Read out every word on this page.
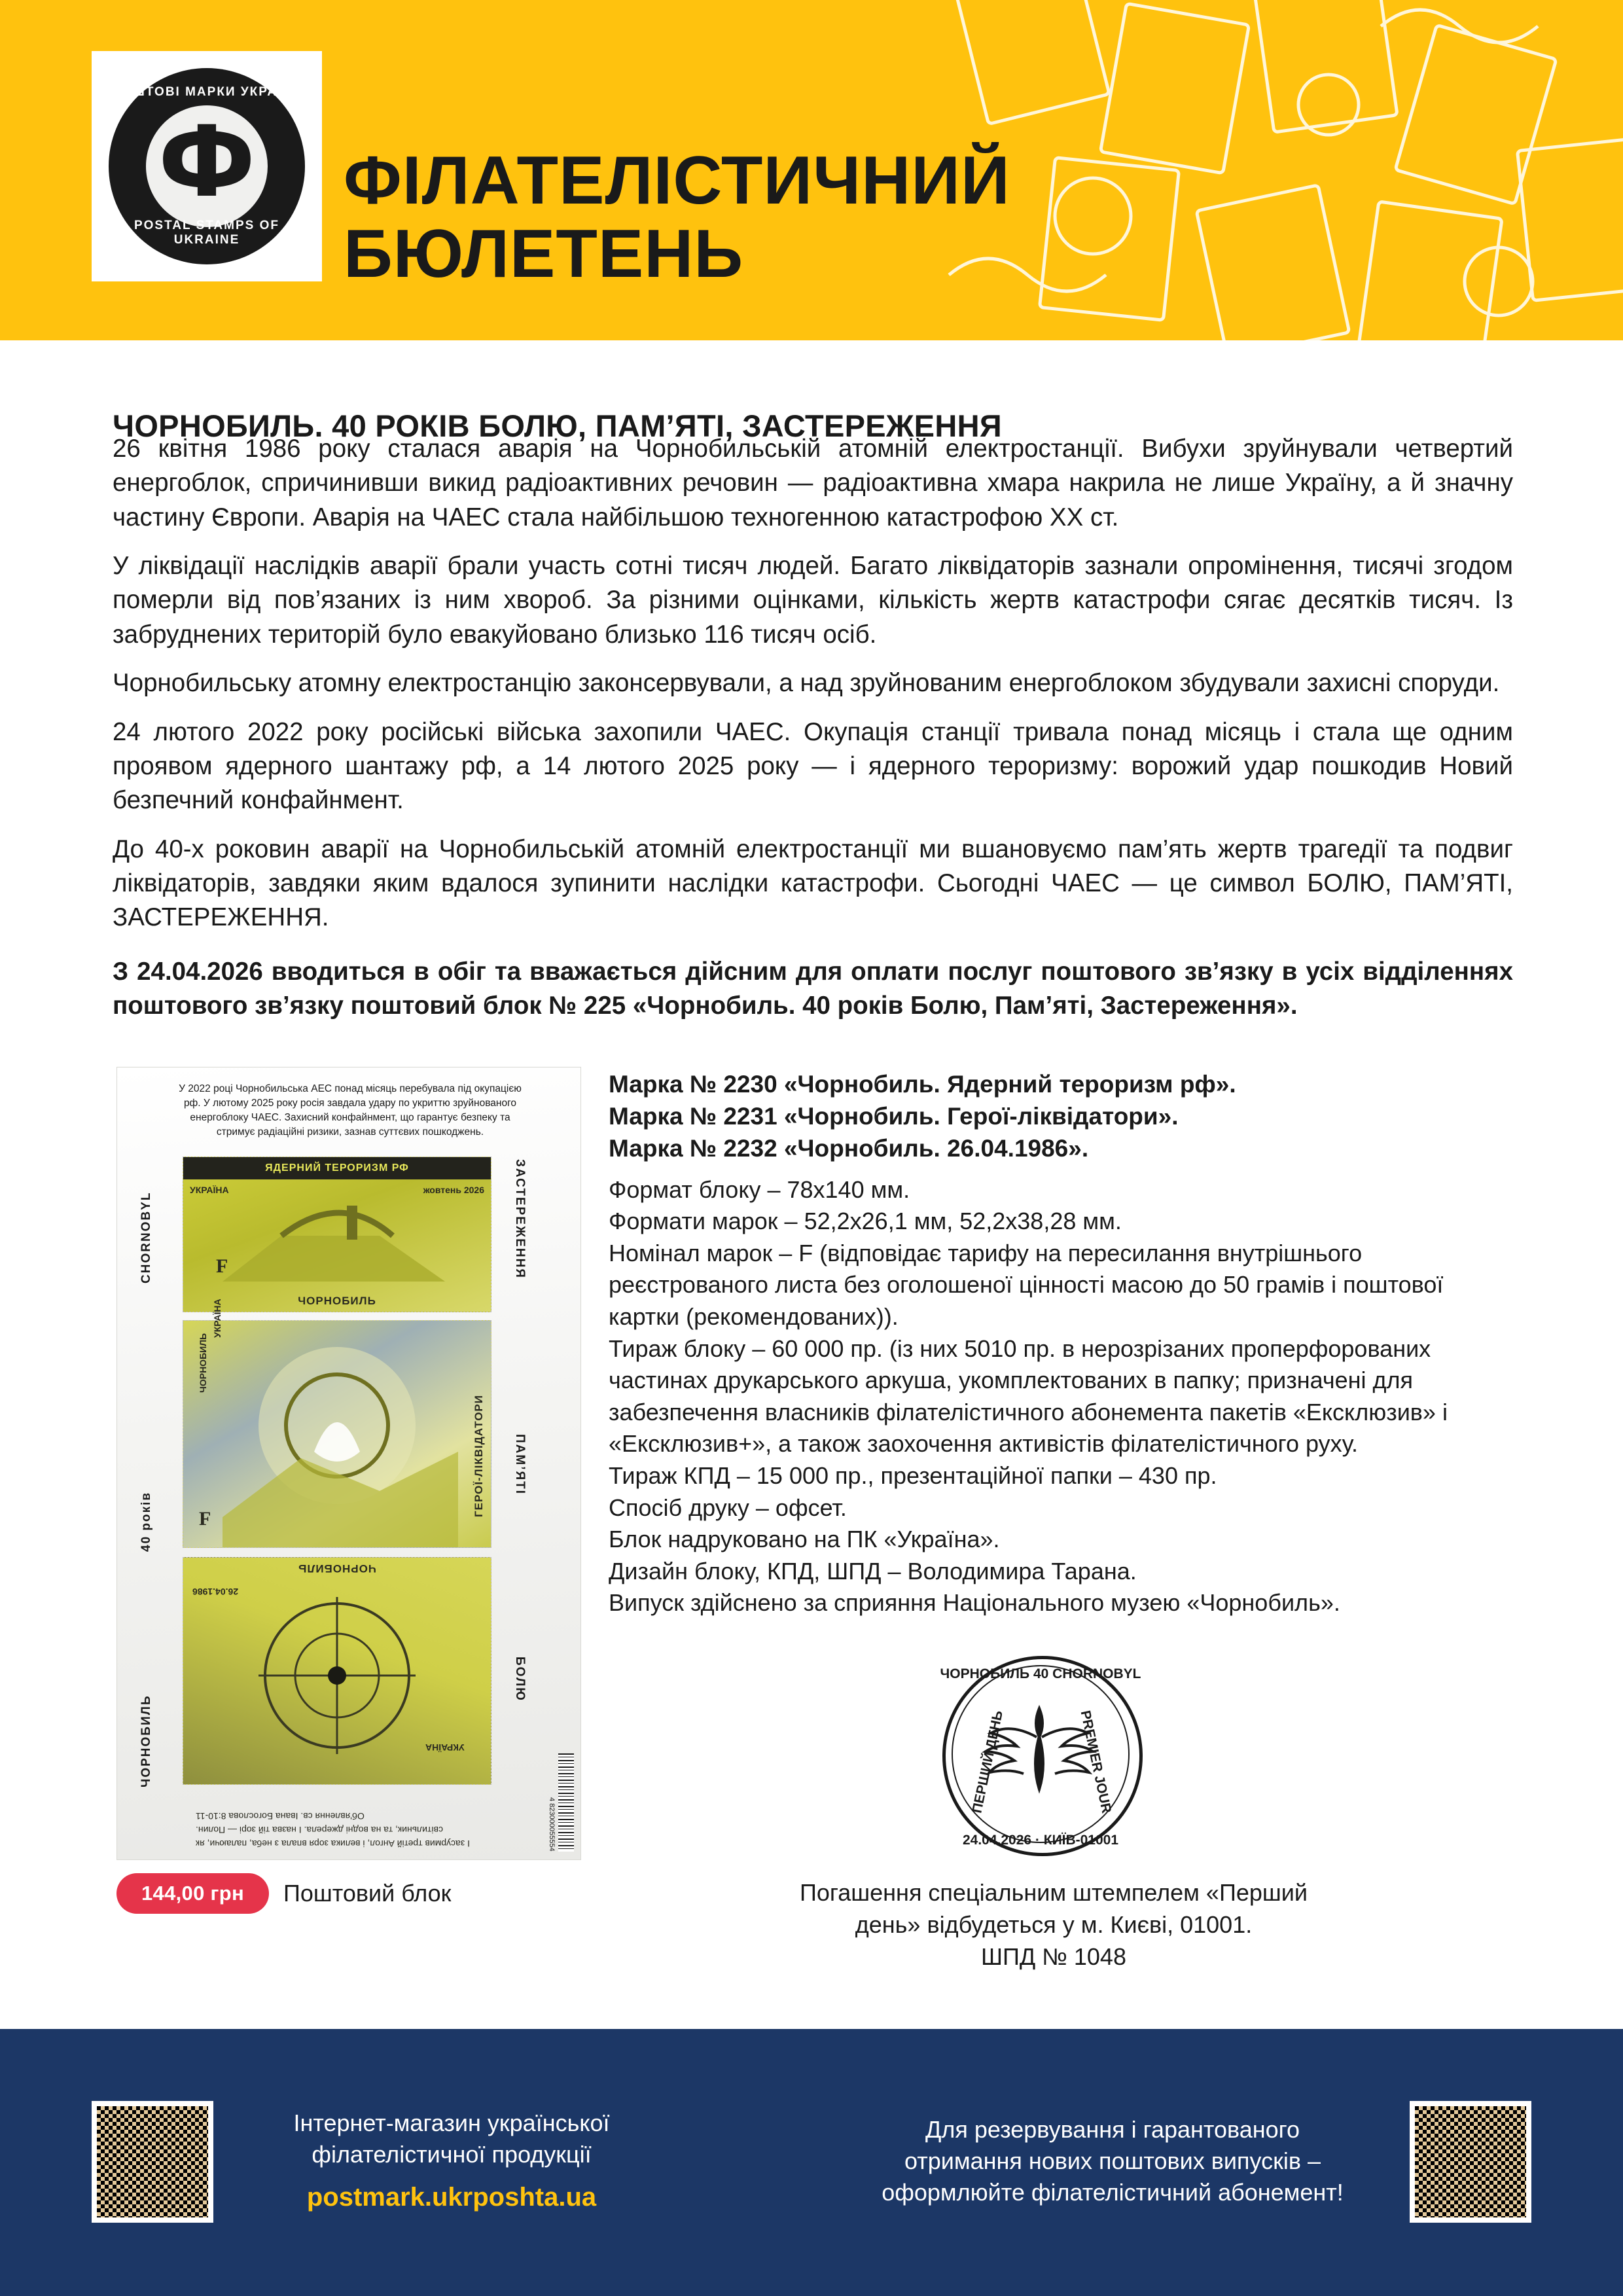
ПОШТОВІ МАРКИ УКРАЇНИ
Ф
POSTAL STAMPS OF UKRAINE
ФІЛАТЕЛІСТИЧНИЙ
БЮЛЕТЕНЬ
ЧОРНОБИЛЬ. 40 РОКІВ БОЛЮ, ПАМ’ЯТІ, ЗАСТЕРЕЖЕННЯ

26 квітня 1986 року сталася аварія на Чорнобильській атомній електростанції. Вибухи зруйнували четвертий енергоблок, спричинивши викид радіоактивних речовин — радіоактивна хмара накрила не лише Україну, а й значну частину Європи. Аварія на ЧАЕС стала найбільшою техногенною катастрофою ХХ ст.

У ліквідації наслідків аварії брали участь сотні тисяч людей. Багато ліквідаторів зазнали опромінення, тисячі згодом померли від пов’язаних із ним хвороб. За різними оцінками, кількість жертв катастрофи сягає десятків тисяч. Із забруднених територій було евакуйовано близько 116 тисяч осіб.

Чорнобильську атомну електростанцію законсервували, а над зруйнованим енергоблоком збудували захисні споруди.

24 лютого 2022 року російські війська захопили ЧАЕС. Окупація станції тривала понад місяць і стала ще одним проявом ядерного шантажу рф, а 14 лютого 2025 року — і ядерного тероризму: ворожий удар пошкодив Новий безпечний конфайнмент.

До 40-х роковин аварії на Чорнобильській атомній електростанції ми вшановуємо пам’ять жертв трагедії та подвиг ліквідаторів, завдяки яким вдалося зупинити наслідки катастрофи. Сьогодні ЧАЕС — це символ БОЛЮ, ПАМ’ЯТІ, ЗАСТЕРЕЖЕННЯ.

З 24.04.2026 вводиться в обіг та вважається дійсним для оплати послуг поштового зв’язку в усіх відділеннях поштового зв’язку поштовий блок № 225 «Чорнобиль. 40 років Болю, Пам’яті, Застереження».

У 2022 році Чорнобильська АЕС понад місяць перебувала під окупацією рф. У лютому 2025 року росія завдала удару по укриттю зруйнованого енергоблоку ЧАЕС. Захисний конфайнмент, що гарантує безпеку та стримує радіаційні ризики, зазнав суттєвих пошкоджень.
CHORNOBYL
40 років
ЧОРНОБИЛЬ
ЗАСТЕРЕЖЕННЯ
ПАМ’ЯТІ
БОЛЮ
ЯДЕРНИЙ ТЕРОРИЗМ РФ
УКРАЇНА	жовтень 2026
F
ЧОРНОБИЛЬ
УКРАЇНА
ЧОРНОБИЛЬ
F
ГЕРОЇ-ЛІКВІДАТОРИ
ЧОРНОБИЛЬ
26.04.1986
УКРАЇНА
І засурмив третій Ангол, і велика зоря впала з неба, палаючи, як світильник, та на вoдні джерела. І назва тій зорі — Полин. Об'явлення св. Івана Богослова 8:10-11	4 823000055554
144,00 грн	Поштовий блок

Марка № 2230 «Чорнобиль. Ядерний тероризм рф».

Марка № 2231 «Чорнобиль. Герої-ліквідатори».

Марка № 2232 «Чорнобиль. 26.04.1986».

Формат блоку – 78х140 мм.

Формати марок – 52,2х26,1 мм, 52,2х38,28 мм.

Номінал марок – F (відповідає тарифу на пересилання внутрішнього реєстрованого листа без оголошеної цінності масою до 50 грамів і поштової картки (рекомендованих)).

Тираж блоку – 60 000 пр. (із них 5010 пр. в нерозрізаних проперфорованих частинах друкарського аркуша, укомплектованих в папку; призначені для забезпечення власників філателістичного абонемента пакетів «Ексклюзив» і «Ексклюзив+», а також заохочення активістів філателістичного руху.

Тираж КПД – 15 000 пр., презентаційної папки – 430 пр.

Спосіб друку – офсет.

Блок надруковано на ПК «Україна».

Дизайн блоку, КПД, ШПД – Володимира Тарана.

Випуск здійснено за сприяння Національного музею «Чорнобиль».

ЧОРНОБИЛЬ 40 CHORNOBYL
ПЕРШИЙ ДЕНЬ	PREMIER JOUR
24.04.2026 · КИЇВ-01001
Погашення спеціальним штемпелем «Перший
день» відбудеться у м. Києві, 01001.
ШПД № 1048
Інтернет-магазин української
філателістичної продукції
postmark.ukrposhta.ua
Для резервування і гарантованого
отримання нових поштових випусків –
оформлюйте філателістичний абонемент!
